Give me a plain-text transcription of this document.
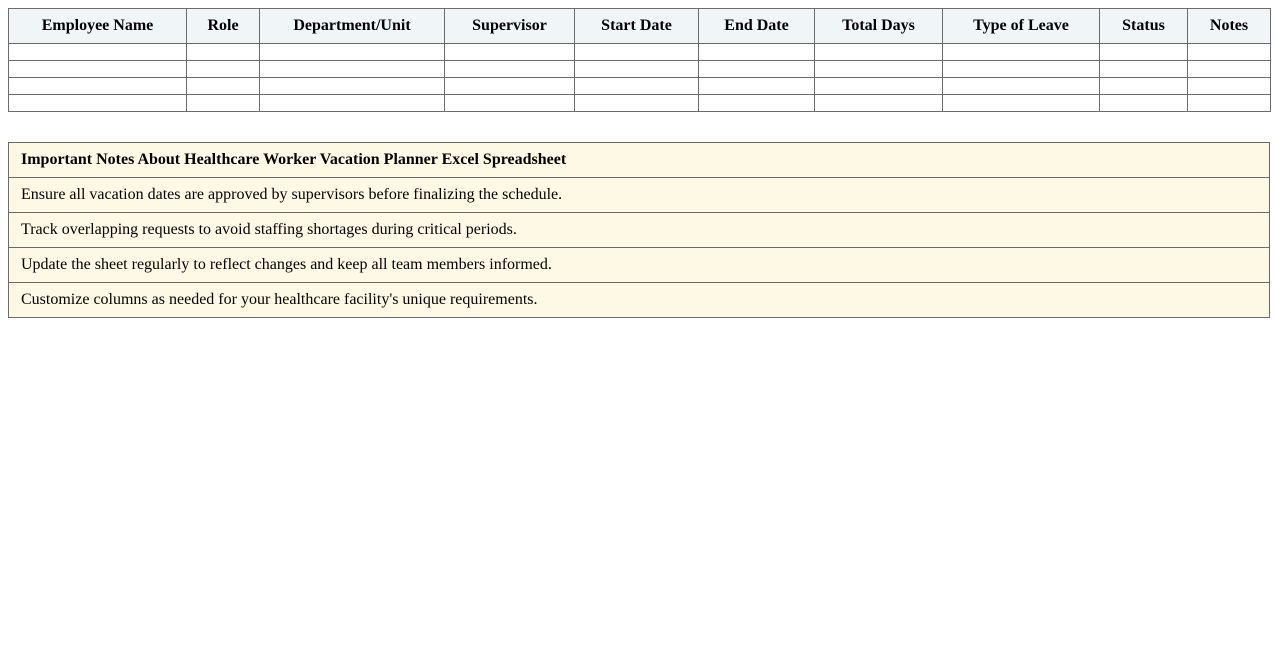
Employee Name	Role	Department/Unit	Supervisor	Start Date	End Date	Total Days	Type of Leave	Status	Notes

Important Notes About Healthcare Worker Vacation Planner Excel Spreadsheet
Ensure all vacation dates are approved by supervisors before finalizing the schedule.
Track overlapping requests to avoid staffing shortages during critical periods.
Update the sheet regularly to reflect changes and keep all team members informed.
Customize columns as needed for your healthcare facility's unique requirements.
